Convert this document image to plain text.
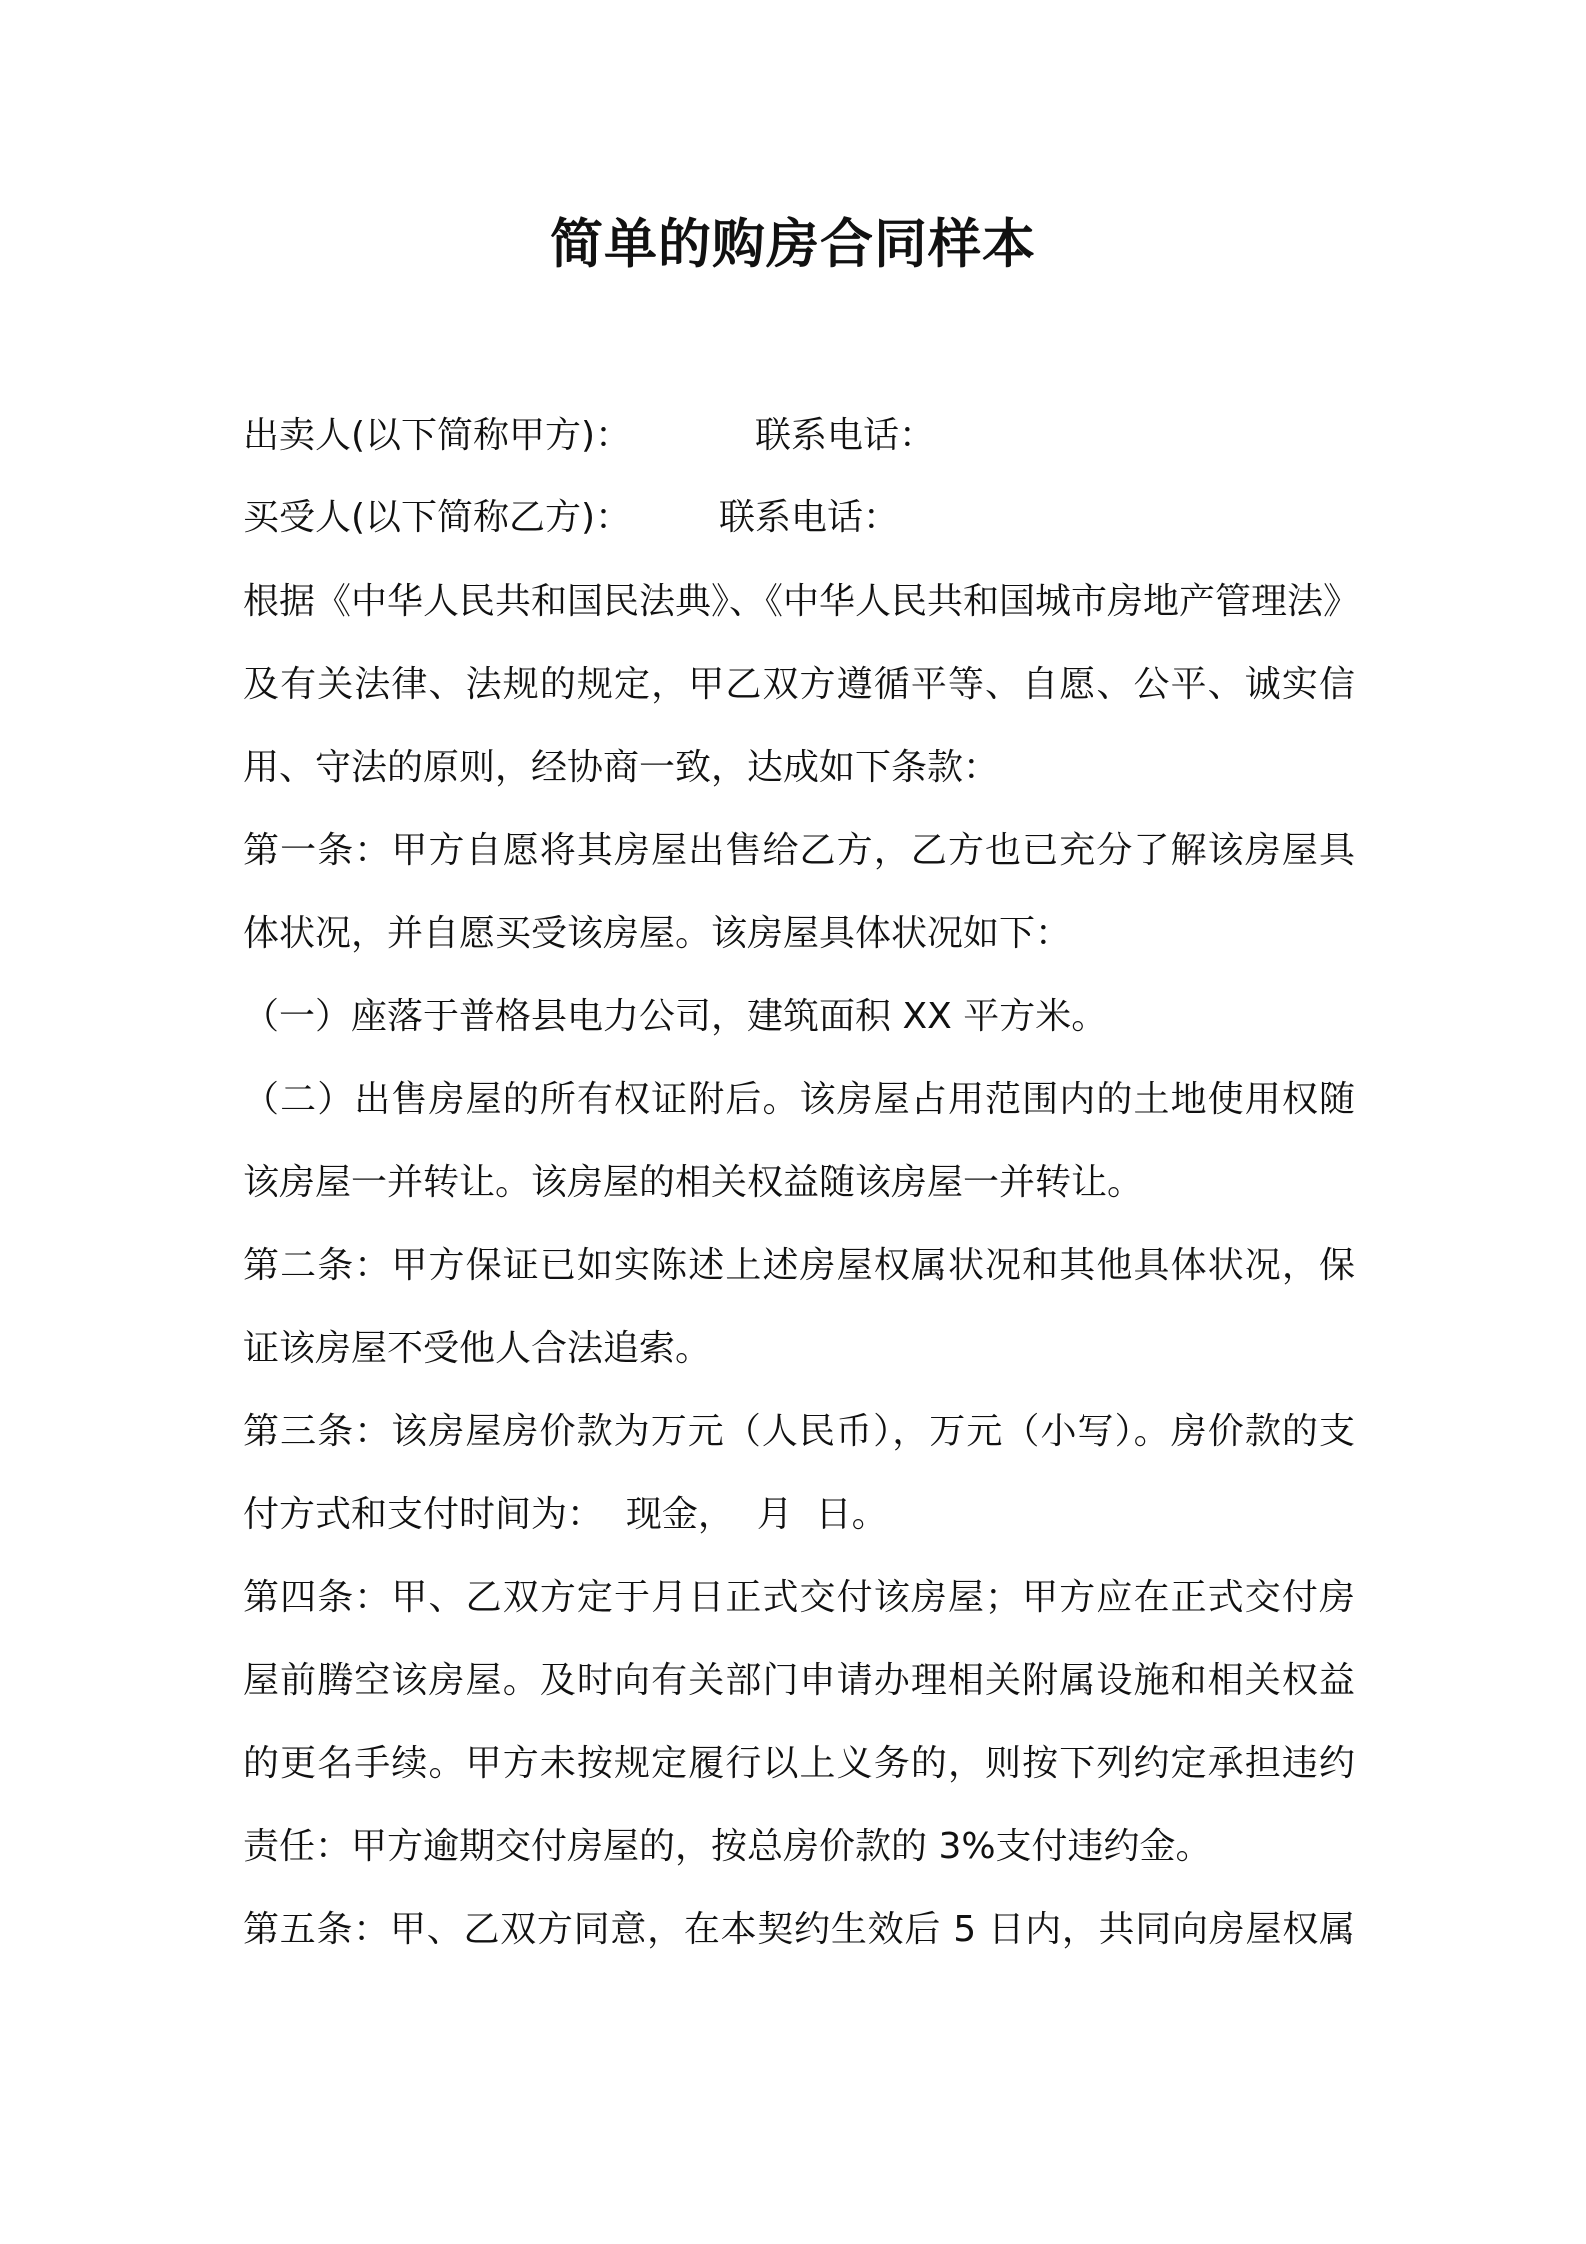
简单的购房合同样本
出卖人(以下简称甲方)：	联系电话：
买受人(以下简称乙方)： 联系电话：
根据《中华人民共和国民法典》、《中华人民共和国城市房地产管理法》
及有关法律、法规的规定，甲乙双方遵循平等、自愿、公平、诚实信
用、守法的原则，经协商一致，达成如下条款：
第一条：甲方自愿将其房屋出售给乙方，乙方也已充分了解该房屋具
体状况，并自愿买受该房屋。该房屋具体状况如下：
（一）座落于普格县电力公司，建筑面积 XX 平方米。
（二）出售房屋的所有权证附后。该房屋占用范围内的土地使用权随
该房屋一并转让。该房屋的相关权益随该房屋一并转让。
第二条：甲方保证已如实陈述上述房屋权属状况和其他具体状况，保
证该房屋不受他人合法追索。
第三条：该房屋房价款为万元（人民币），万元（小写）。房价款的支
付方式和支付时间为：  现金，  月  日。
第四条：甲、乙双方定于月日正式交付该房屋；甲方应在正式交付房
屋前腾空该房屋。及时向有关部门申请办理相关附属设施和相关权益
的更名手续。甲方未按规定履行以上义务的，则按下列约定承担违约
责任：甲方逾期交付房屋的，按总房价款的 3%支付违约金。
第五条：甲、乙双方同意，在本契约生效后 5 日内，共同向房屋权属
